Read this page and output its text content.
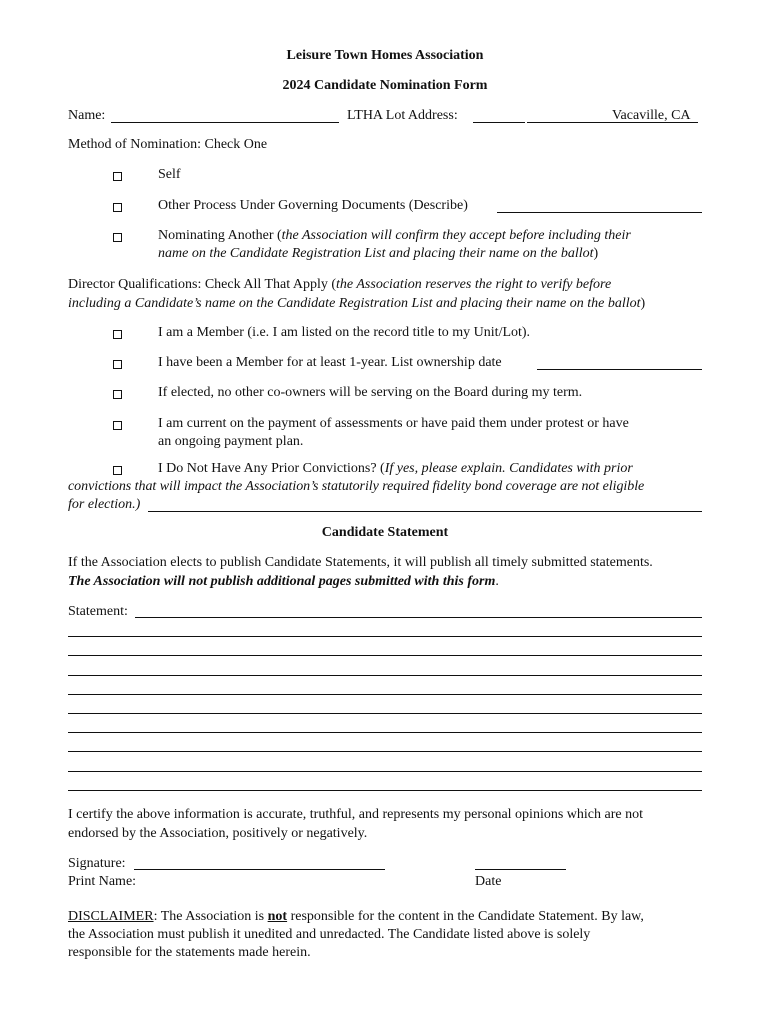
Leisure Town Homes Association
2024 Candidate Nomination Form
Name:	LTHA Lot Address:	Vacaville, CA
Method of Nomination: Check One
Self
Other Process Under Governing Documents (Describe)
Nominating Another (the Association will confirm they accept before including their
name on the Candidate Registration List and placing their name on the ballot)
Director Qualifications: Check All That Apply (the Association reserves the right to verify before
including a Candidate’s name on the Candidate Registration List and placing their name on the ballot)
I am a Member (i.e. I am listed on the record title to my Unit/Lot).
I have been a Member for at least 1-year. List ownership date
If elected, no other co-owners will be serving on the Board during my term.
I am current on the payment of assessments or have paid them under protest or have
an ongoing payment plan.
I Do Not Have Any Prior Convictions? (If yes, please explain. Candidates with prior
convictions that will impact the Association’s statutorily required fidelity bond coverage are not eligible
for election.)
Candidate Statement
If the Association elects to publish Candidate Statements, it will publish all timely submitted statements.
The Association will not publish additional pages submitted with this form.
Statement:
I certify the above information is accurate, truthful, and represents my personal opinions which are not
endorsed by the Association, positively or negatively.
Signature:
Print Name:	Date
DISCLAIMER: The Association is not responsible for the content in the Candidate Statement. By law,
the Association must publish it unedited and unredacted. The Candidate listed above is solely
responsible for the statements made herein.
